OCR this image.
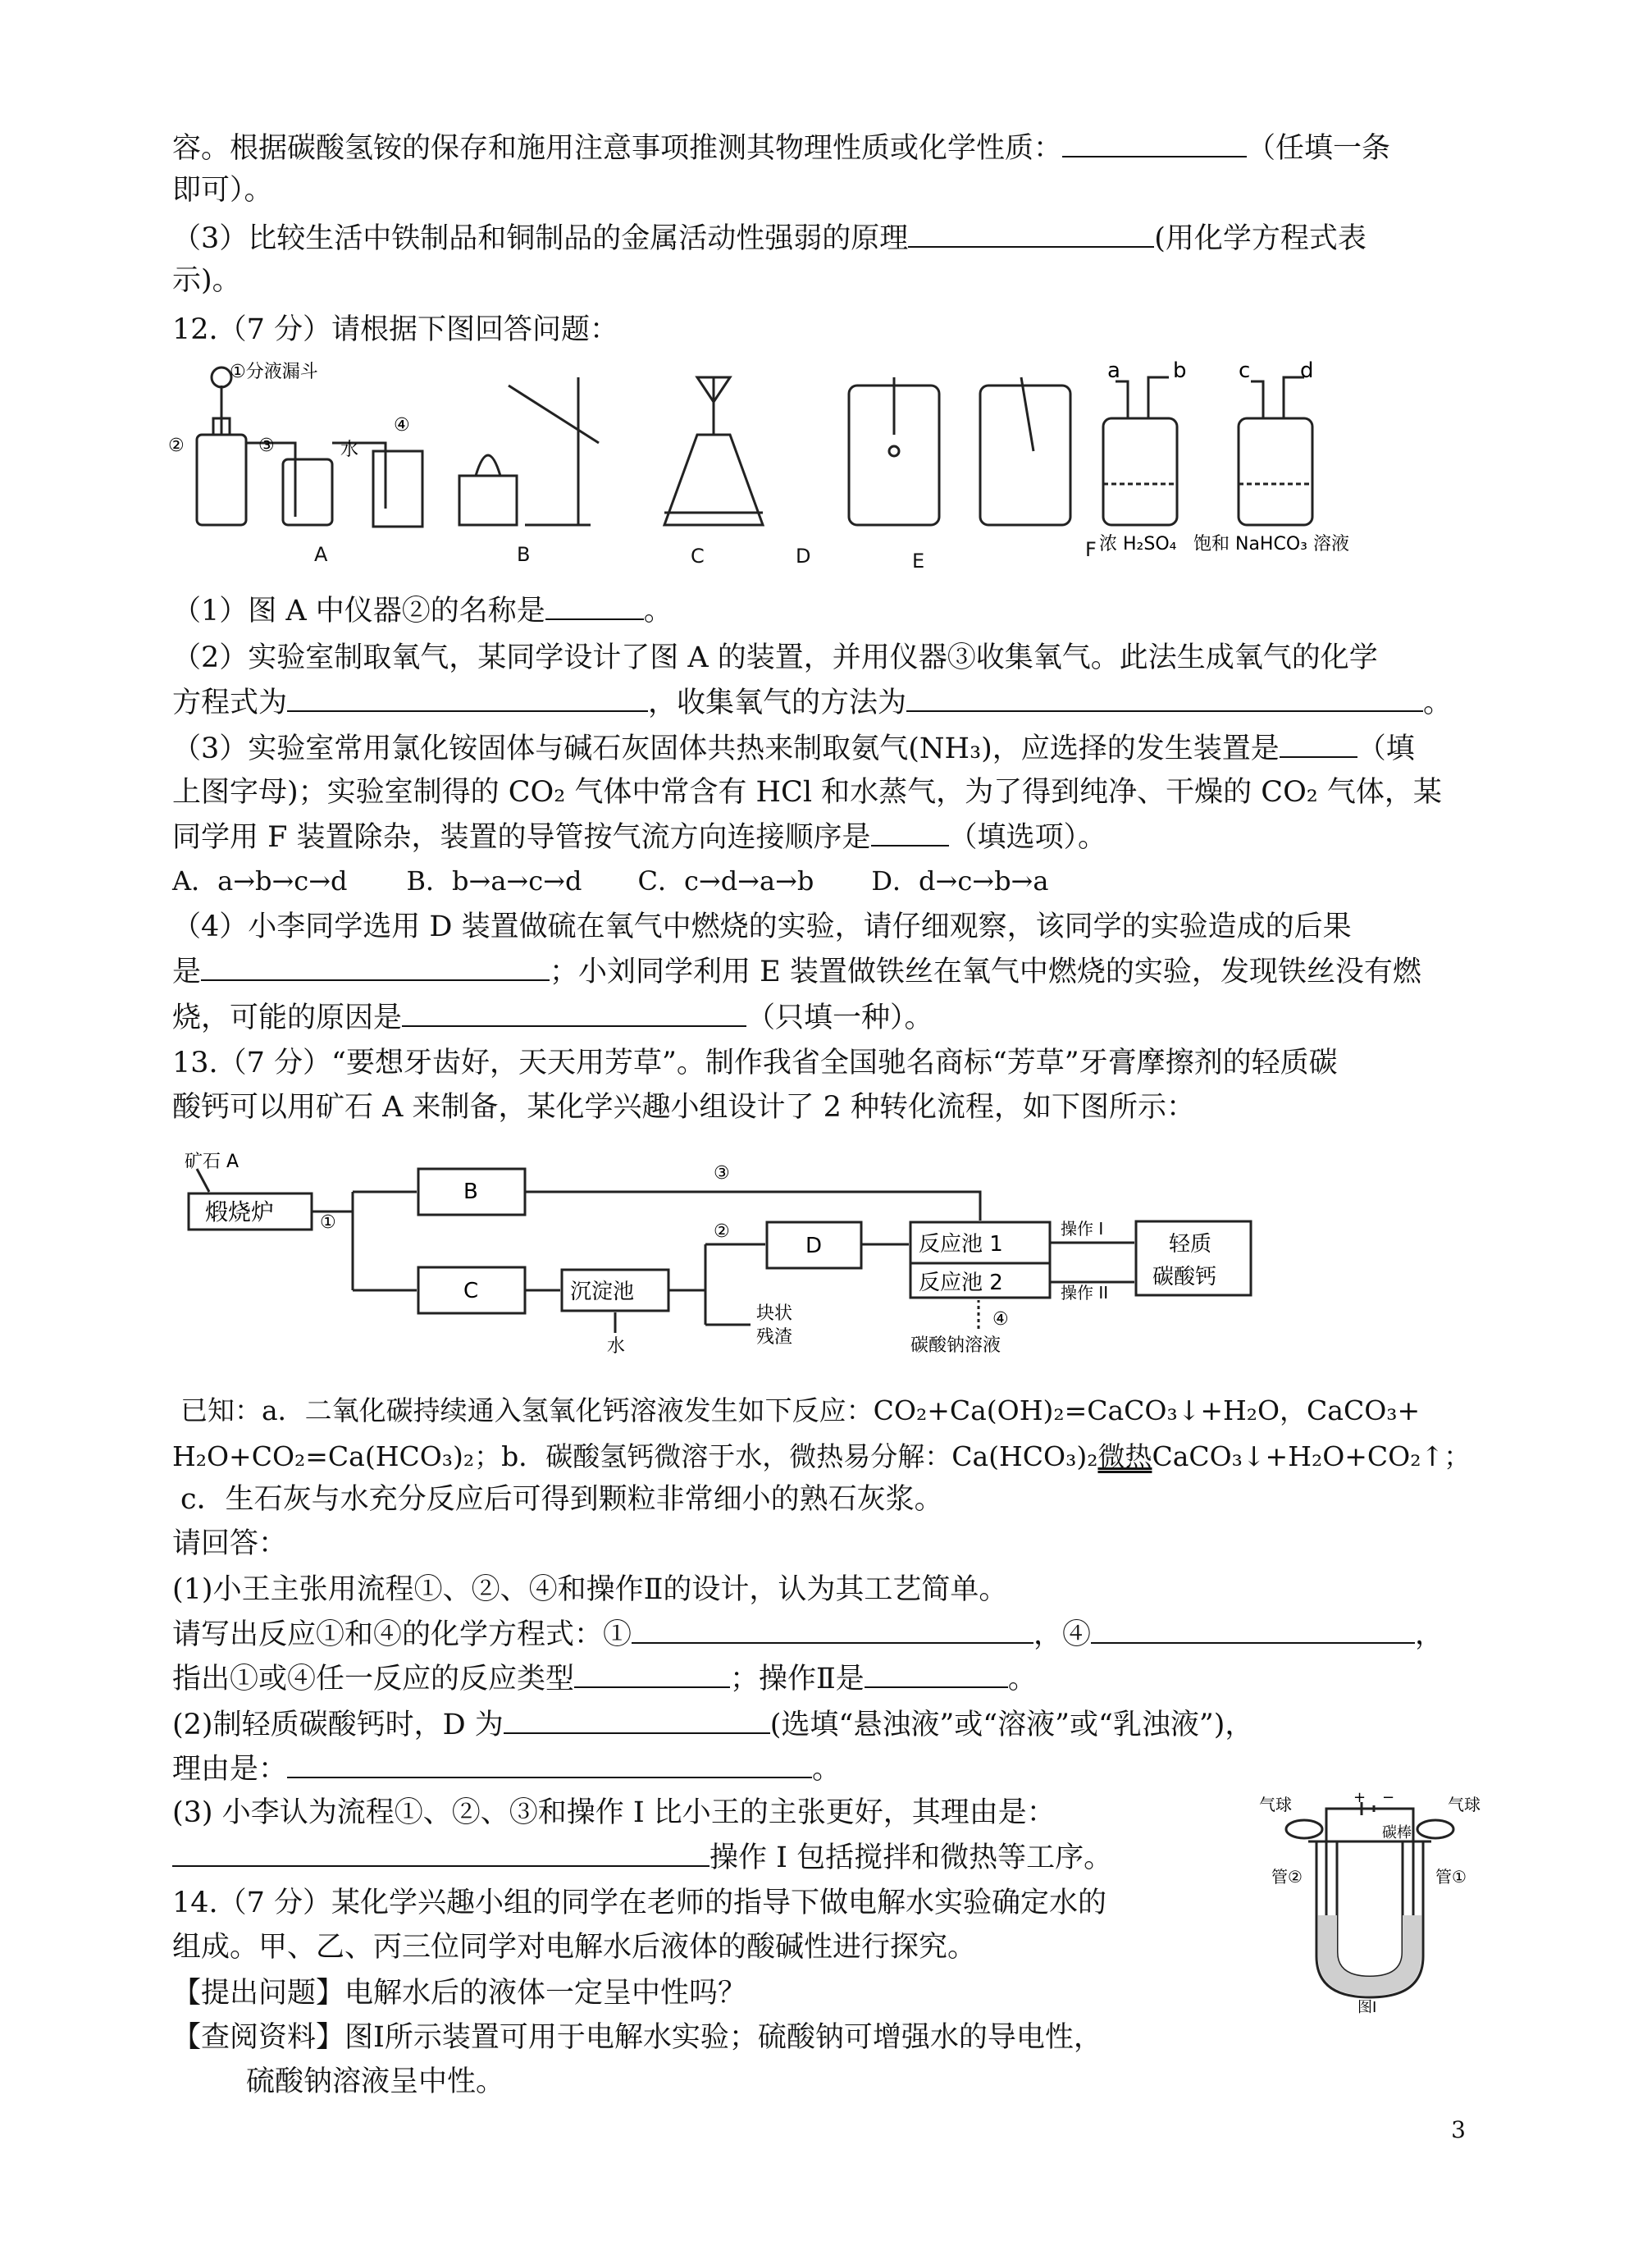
容。根据碳酸氢铵的保存和施用注意事项推测其物理性质或化学性质：	（任填一条
即可）。
（3）比较生活中铁制品和铜制品的金属活动性强弱的原理	(用化学方程式表
示)。
12.（7 分）请根据下图回答问题：
①分液漏斗
②	③	水
④
a b c d
浓 H₂SO₄ 饱和 NaHCO₃ 溶液
A	B	C	D	E	F
（1）图 A 中仪器②的名称是	。
（2）实验室制取氧气，某同学设计了图 A 的装置，并用仪器③收集氧气。此法生成氧气的化学
方程式为	，收集氧气的方法为	。
（3）实验室常用氯化铵固体与碱石灰固体共热来制取氨气(NH₃)，应选择的发生装置是	（填
上图字母)；实验室制得的 CO₂ 气体中常含有 HCl 和水蒸气，为了得到纯净、干燥的 CO₂ 气体，某
同学用 F 装置除杂，装置的导管按气流方向连接顺序是	（填选项）。
A．a→b→c→d B．b→a→c→d C．c→d→a→b D．d→c→b→a
（4）小李同学选用 D 装置做硫在氧气中燃烧的实验，请仔细观察，该同学的实验造成的后果
是	；小刘同学利用 E 装置做铁丝在氧气中燃烧的实验，发现铁丝没有燃
烧，可能的原因是	（只填一种）。
13.（7 分）“要想牙齿好，天天用芳草”。制作我省全国驰名商标“芳草”牙膏摩擦剂的轻质碳
酸钙可以用矿石 A 来制备，某化学兴趣小组设计了 2 种转化流程，如下图所示：
矿石 A
煅烧炉	①
B
C
③
沉淀池
水
②
D
块状
残渣
反应池 1
反应池 2
操作 I
操作 II
④
碳酸钠溶液
轻质
碳酸钙
已知：a．二氧化碳持续通入氢氧化钙溶液发生如下反应：CO₂+Ca(OH)₂=CaCO₃↓+H₂O，CaCO₃+
H₂O+CO₂=Ca(HCO₃)₂；b．碳酸氢钙微溶于水，微热易分解：Ca(HCO₃)₂微热CaCO₃↓+H₂O+CO₂↑；
c．生石灰与水充分反应后可得到颗粒非常细小的熟石灰浆。
请回答：
(1)小王主张用流程①、②、④和操作Ⅱ的设计，认为其工艺简单。
请写出反应①和④的化学方程式：①	，④	，
指出①或④任一反应的反应类型	；操作Ⅱ是	。
(2)制轻质碳酸钙时，D 为	(选填“悬浊液”或“溶液”或“乳浊液”)，
理由是：	。
(3) 小李认为流程①、②、③和操作 I 比小王的主张更好，其理由是：
操作 I 包括搅拌和微热等工序。
14.（7 分）某化学兴趣小组的同学在老师的指导下做电解水实验确定水的
组成。甲、乙、丙三位同学对电解水后液体的酸碱性进行探究。
【提出问题】电解水后的液体一定呈中性吗？
【查阅资料】图Ⅰ所示装置可用于电解水实验；硫酸钠可增强水的导电性，
硫酸钠溶液呈中性。
气球	气球
+ −
碳棒
管②	管①
图Ⅰ
3
